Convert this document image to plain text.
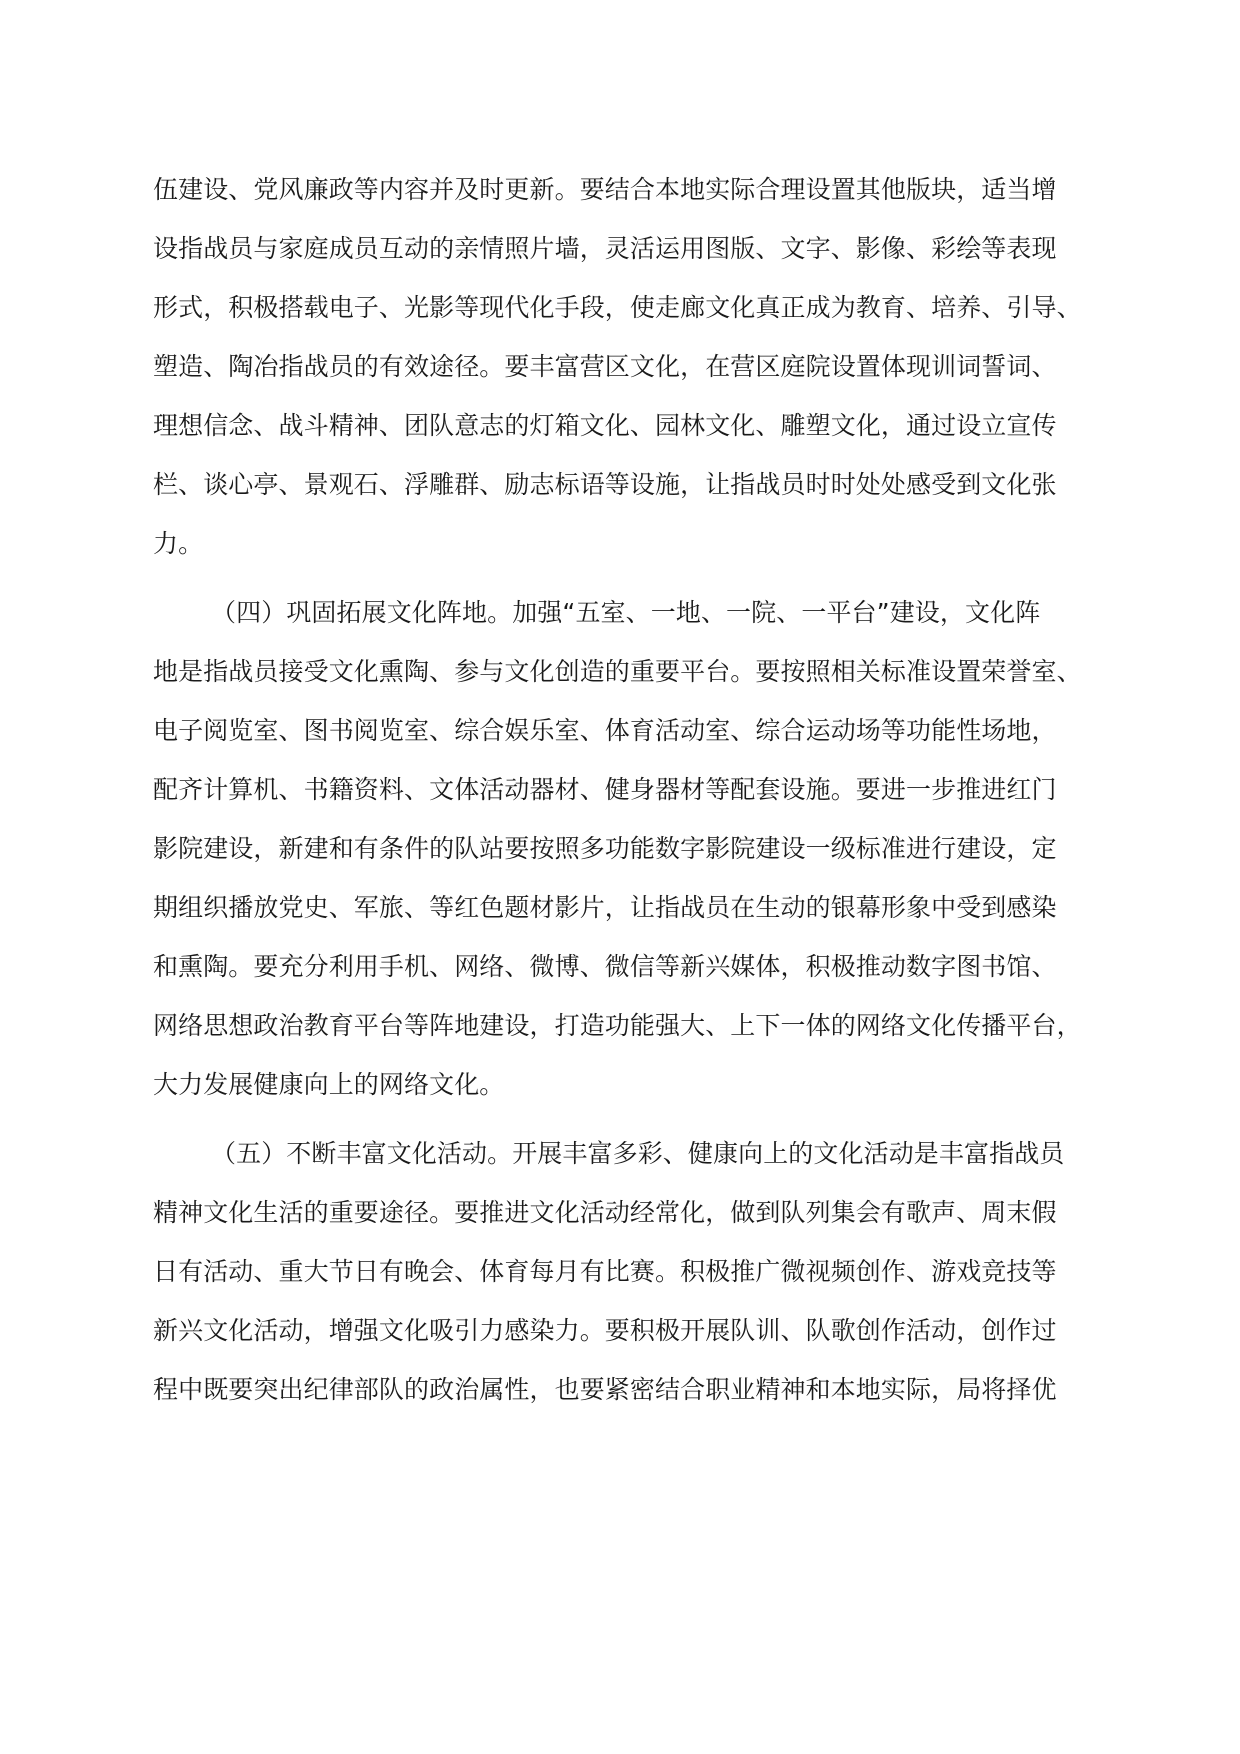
伍建设、党风廉政等内容并及时更新。要结合本地实际合理设置其他版块，适当增
设指战员与家庭成员互动的亲情照片墙，灵活运用图版、文字、影像、彩绘等表现
形式，积极搭载电子、光影等现代化手段，使走廊文化真正成为教育、培养、引导、
塑造、陶冶指战员的有效途径。要丰富营区文化，在营区庭院设置体现训词誓词、
理想信念、战斗精神、团队意志的灯箱文化、园林文化、雕塑文化，通过设立宣传
栏、谈心亭、景观石、浮雕群、励志标语等设施，让指战员时时处处感受到文化张
力。
（四）巩固拓展文化阵地。加强“五室、一地、一院、一平台”建设，文化阵
地是指战员接受文化熏陶、参与文化创造的重要平台。要按照相关标准设置荣誉室、
电子阅览室、图书阅览室、综合娱乐室、体育活动室、综合运动场等功能性场地，
配齐计算机、书籍资料、文体活动器材、健身器材等配套设施。要进一步推进红门
影院建设，新建和有条件的队站要按照多功能数字影院建设一级标准进行建设，定
期组织播放党史、军旅、等红色题材影片，让指战员在生动的银幕形象中受到感染
和熏陶。要充分利用手机、网络、微博、微信等新兴媒体，积极推动数字图书馆、
网络思想政治教育平台等阵地建设，打造功能强大、上下一体的网络文化传播平台，
大力发展健康向上的网络文化。
（五）不断丰富文化活动。开展丰富多彩、健康向上的文化活动是丰富指战员
精神文化生活的重要途径。要推进文化活动经常化，做到队列集会有歌声、周末假
日有活动、重大节日有晚会、体育每月有比赛。积极推广微视频创作、游戏竞技等
新兴文化活动，增强文化吸引力感染力。要积极开展队训、队歌创作活动，创作过
程中既要突出纪律部队的政治属性，也要紧密结合职业精神和本地实际，局将择优
